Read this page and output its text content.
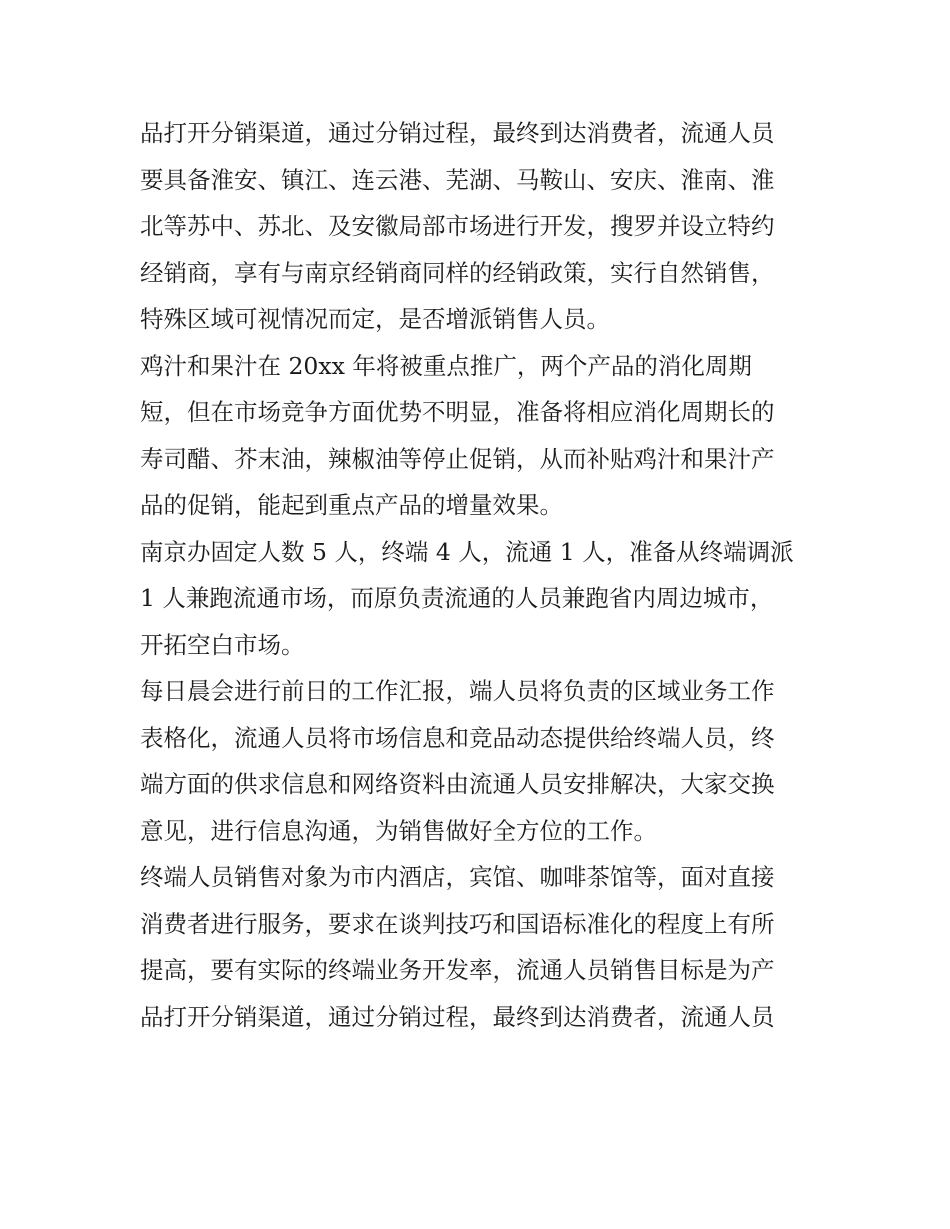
品打开分销渠道，通过分销过程，最终到达消费者，流通人员
要具备淮安、镇江、连云港、芜湖、马鞍山、安庆、淮南、淮
北等苏中、苏北、及安徽局部市场进行开发，搜罗并设立特约
经销商，享有与南京经销商同样的经销政策，实行自然销售，
特殊区域可视情况而定，是否增派销售人员。
鸡汁和果汁在 20xx 年将被重点推广，两个产品的消化周期
短，但在市场竞争方面优势不明显，准备将相应消化周期长的
寿司醋、芥末油，辣椒油等停止促销，从而补贴鸡汁和果汁产
品的促销，能起到重点产品的增量效果。
南京办固定人数 5 人，终端 4 人，流通 1 人，准备从终端调派
1 人兼跑流通市场，而原负责流通的人员兼跑省内周边城市，
开拓空白市场。
每日晨会进行前日的工作汇报，端人员将负责的区域业务工作
表格化，流通人员将市场信息和竞品动态提供给终端人员，终
端方面的供求信息和网络资料由流通人员安排解决，大家交换
意见，进行信息沟通，为销售做好全方位的工作。
终端人员销售对象为市内酒店，宾馆、咖啡茶馆等，面对直接
消费者进行服务，要求在谈判技巧和国语标准化的程度上有所
提高，要有实际的终端业务开发率，流通人员销售目标是为产
品打开分销渠道，通过分销过程，最终到达消费者，流通人员
